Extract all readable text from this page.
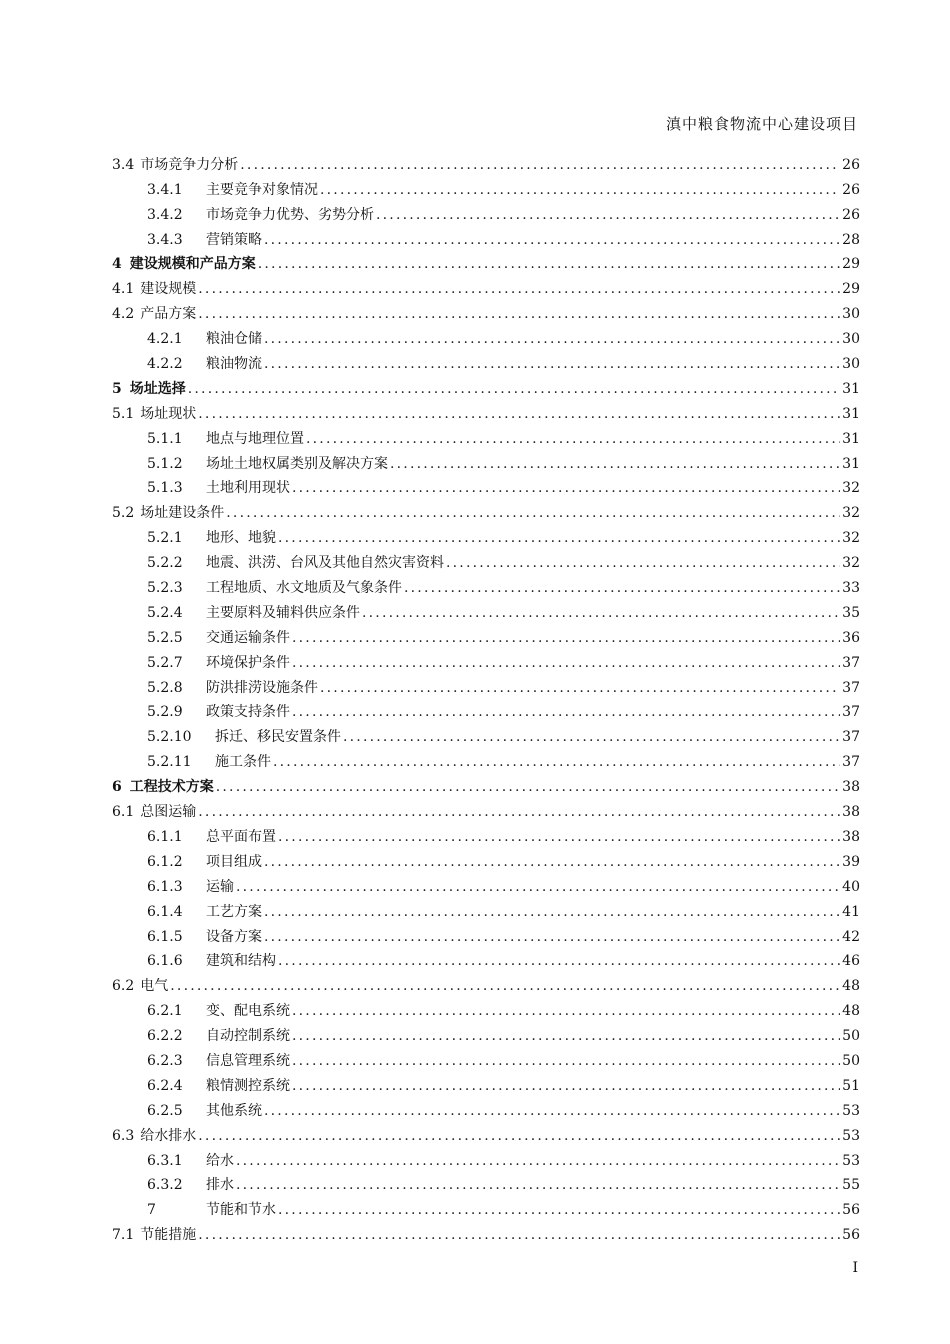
滇中粮食物流中心建设项目
3.4 市场竞争力分析 .....	26
3.4.1	主要竞争对象情况 .....	26
3.4.2	市场竞争力优势、劣势分析 .....	26
3.4.3	营销策略 .....	28
4 建设规模和产品方案 .....	29
4.1 建设规模 .....	29
4.2 产品方案 .....	30
4.2.1	粮油仓储 .....	30
4.2.2	粮油物流 .....	30
5 场址选择 .....	31
5.1 场址现状 .....	31
5.1.1	地点与地理位置 .....	31
5.1.2	场址土地权属类别及解决方案 .....	31
5.1.3	土地利用现状 .....	32
5.2 场址建设条件 .....	32
5.2.1	地形、地貌 .....	32
5.2.2	地震、洪涝、台风及其他自然灾害资料 .....	32
5.2.3	工程地质、水文地质及气象条件 .....	33
5.2.4	主要原料及辅料供应条件 .....	35
5.2.5	交通运输条件 .....	36
5.2.7	环境保护条件 .....	37
5.2.8	防洪排涝设施条件 .....	37
5.2.9	政策支持条件 .....	37
5.2.10	拆迁、移民安置条件 .....	37
5.2.11	施工条件 .....	37
6 工程技术方案 .....	38
6.1 总图运输 .....	38
6.1.1	总平面布置 .....	38
6.1.2	项目组成 .....	39
6.1.3	运输 .....	40
6.1.4	工艺方案 .....	41
6.1.5	设备方案 .....	42
6.1.6	建筑和结构 .....	46
6.2 电气 .....	48
6.2.1	变、配电系统 .....	48
6.2.2	自动控制系统 .....	50
6.2.3	信息管理系统 .....	50
6.2.4	粮情测控系统 .....	51
6.2.5	其他系统 .....	53
6.3 给水排水 .....	53
6.3.1	给水 .....	53
6.3.2	排水 .....	55
7	节能和节水 .....	56
7.1 节能措施 .....	56
I
